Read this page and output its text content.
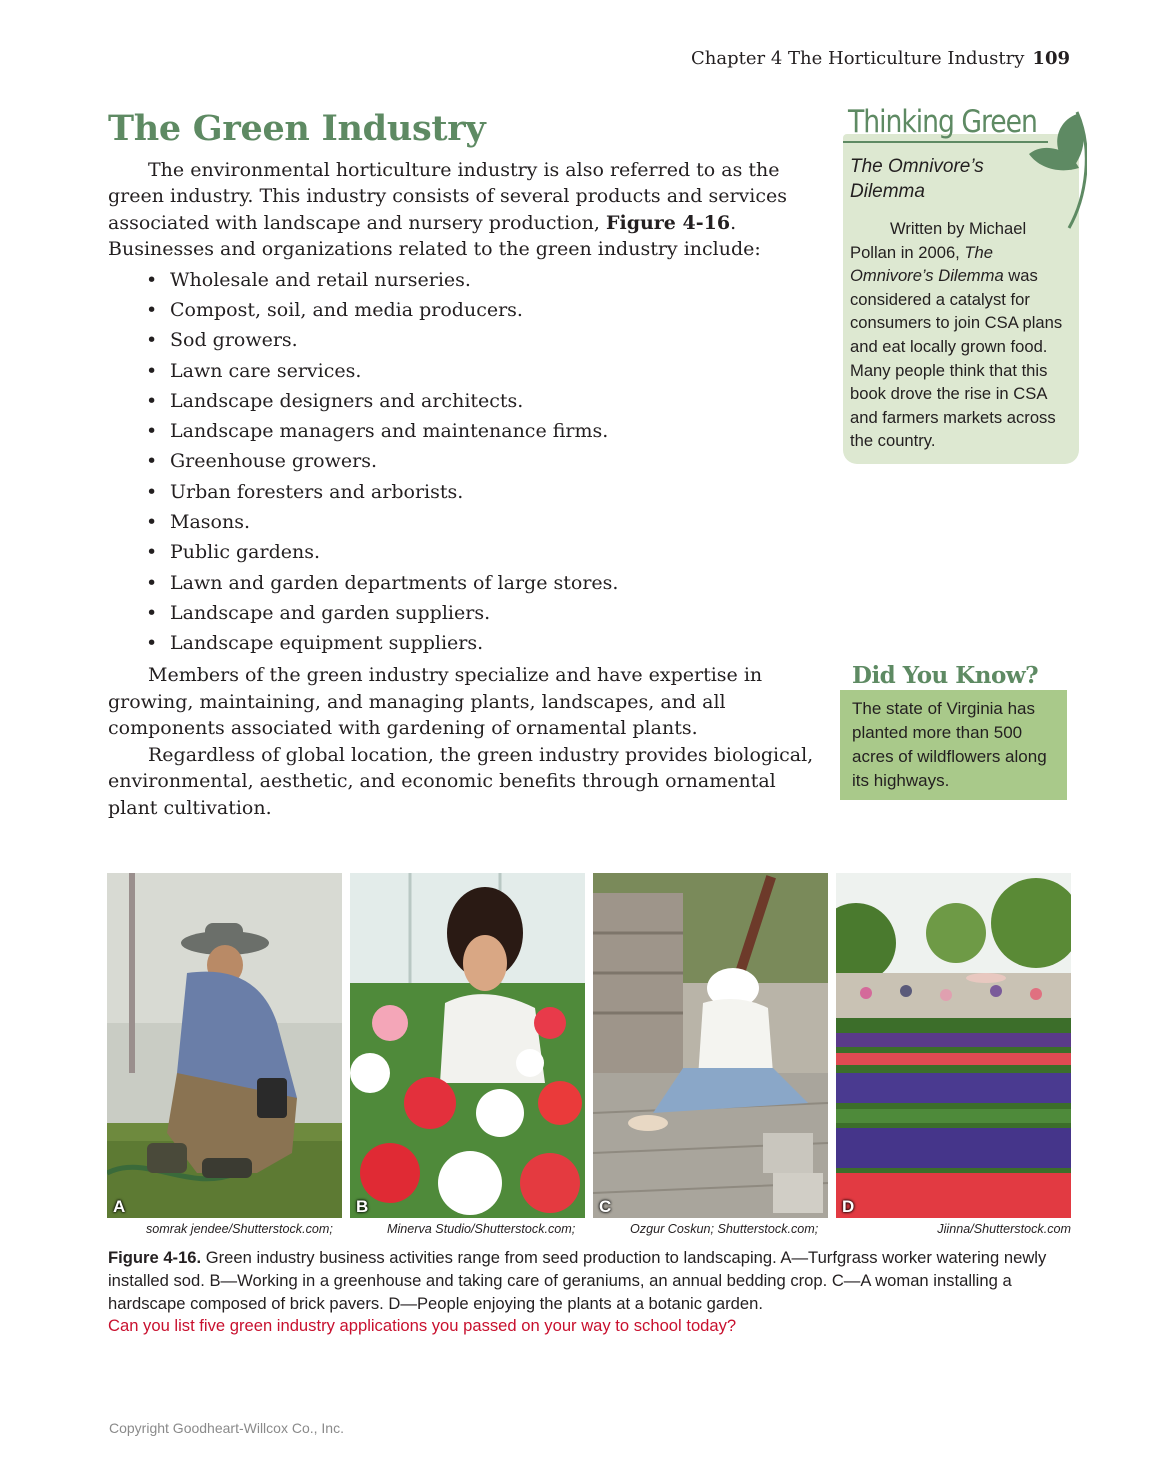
Chapter 4 The Horticulture Industry 109
The Green Industry

The environmental horticulture industry is also referred to as the green industry. This industry consists of several products and services associated with landscape and nursery production, Figure 4-16. Businesses and organizations related to the green industry include:

• Wholesale and retail nurseries.
• Compost, soil, and media producers.
• Sod growers.
• Lawn care services.
• Landscape designers and architects.
• Landscape managers and maintenance firms.
• Greenhouse growers.
• Urban foresters and arborists.
• Masons.
• Public gardens.
• Lawn and garden departments of large stores.
• Landscape and garden suppliers.
• Landscape equipment suppliers.

Members of the green industry specialize and have expertise in growing, maintaining, and managing plants, landscapes, and all components associated with gardening of ornamental plants.

Regardless of global location, the green industry provides biological, environmental, aesthetic, and economic benefits through ornamental plant cultivation.

Thinking Green
The Omnivore’s Dilemma
Written by Michael Pollan in 2006, The Omnivore’s Dilemma was considered a catalyst for consumers to join CSA plans and eat locally grown food. Many people think that this book drove the rise in CSA and farmers markets across the country.
Did You Know?
The state of Virginia has planted more than 500 acres of wildflowers along its highways.
A	B	C	D
somrak jendee/Shutterstock.com;	Minerva Studio/Shutterstock.com;	Ozgur Coskun; Shutterstock.com;	Jiinna/Shutterstock.com
Figure 4-16. Green industry business activities range from seed production to landscaping. A—Turfgrass worker watering newly installed sod. B—Working in a greenhouse and taking care of geraniums, an annual bedding crop. C—A woman installing a hardscape composed of brick pavers. D—People enjoying the plants at a botanic garden.
Can you list five green industry applications you passed on your way to school today?
Copyright Goodheart-Willcox Co., Inc.
